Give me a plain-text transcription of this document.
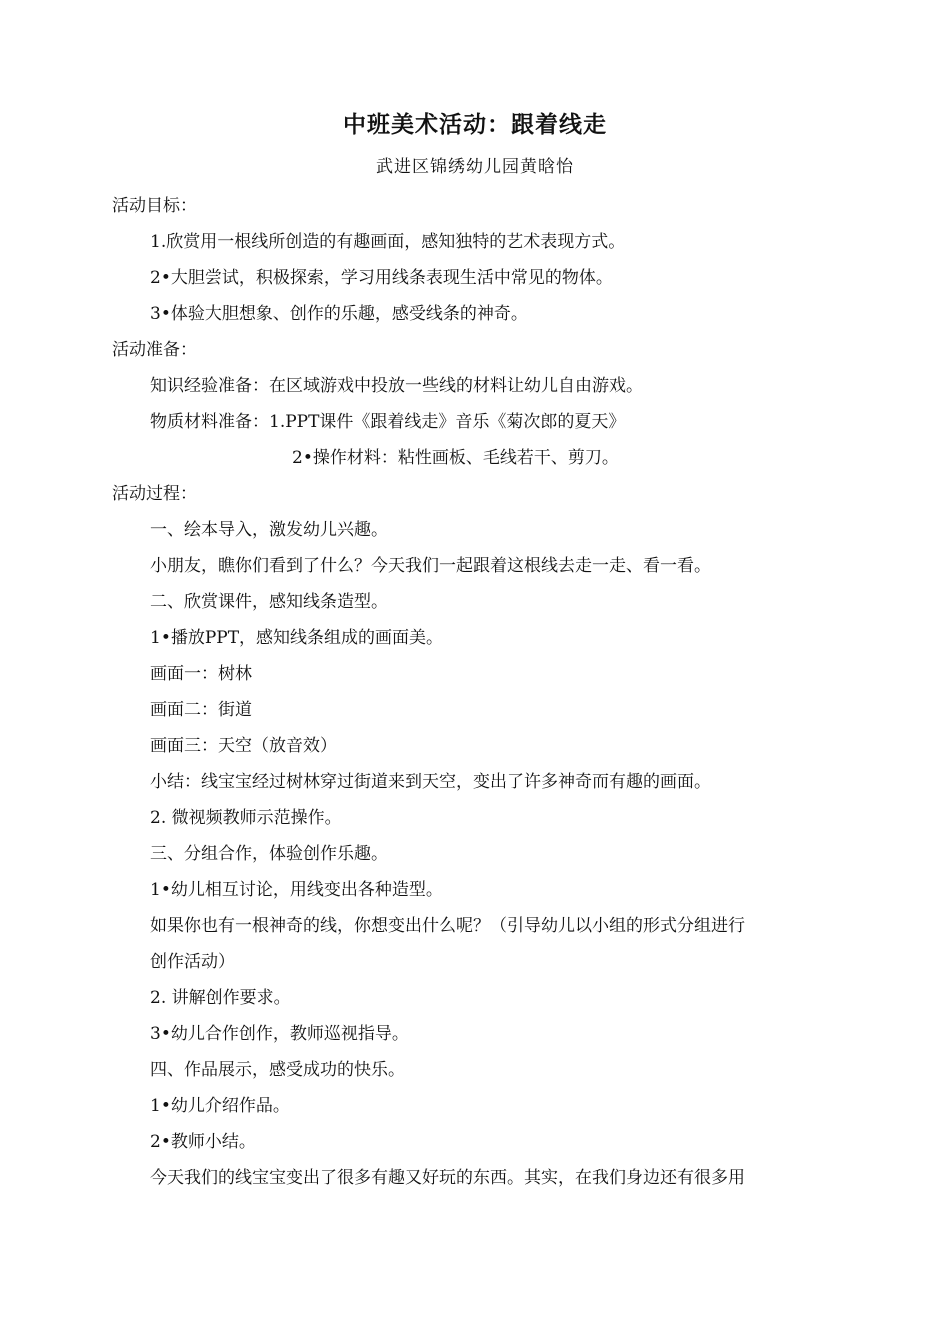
中班美术活动：跟着线走
武进区锦绣幼儿园黄晗怡
活动目标：
1.欣赏用一根线所创造的有趣画面，感知独特的艺术表现方式。
2•大胆尝试，积极探索，学习用线条表现生活中常见的物体。
3•体验大胆想象、创作的乐趣，感受线条的神奇。
活动准备：
知识经验准备：在区域游戏中投放一些线的材料让幼儿自由游戏。
物质材料准备：1.PPT课件《跟着线走》音乐《菊次郎的夏天》
2•操作材料：粘性画板、毛线若干、剪刀。
活动过程：
一、绘本导入，激发幼儿兴趣。
小朋友，瞧你们看到了什么？今天我们一起跟着这根线去走一走、看一看。
二、欣赏课件，感知线条造型。
1•播放PPT，感知线条组成的画面美。
画面一：树林
画面二：街道
画面三：天空（放音效）
小结：线宝宝经过树林穿过街道来到天空，变出了许多神奇而有趣的画面。
2. 微视频教师示范操作。
三、分组合作，体验创作乐趣。
1•幼儿相互讨论，用线变出各种造型。
如果你也有一根神奇的线，你想变出什么呢？（引导幼儿以小组的形式分组进行
创作活动）
2. 讲解创作要求。
3•幼儿合作创作，教师巡视指导。
四、作品展示，感受成功的快乐。
1•幼儿介绍作品。
2•教师小结。
今天我们的线宝宝变出了很多有趣又好玩的东西。其实，在我们身边还有很多用
